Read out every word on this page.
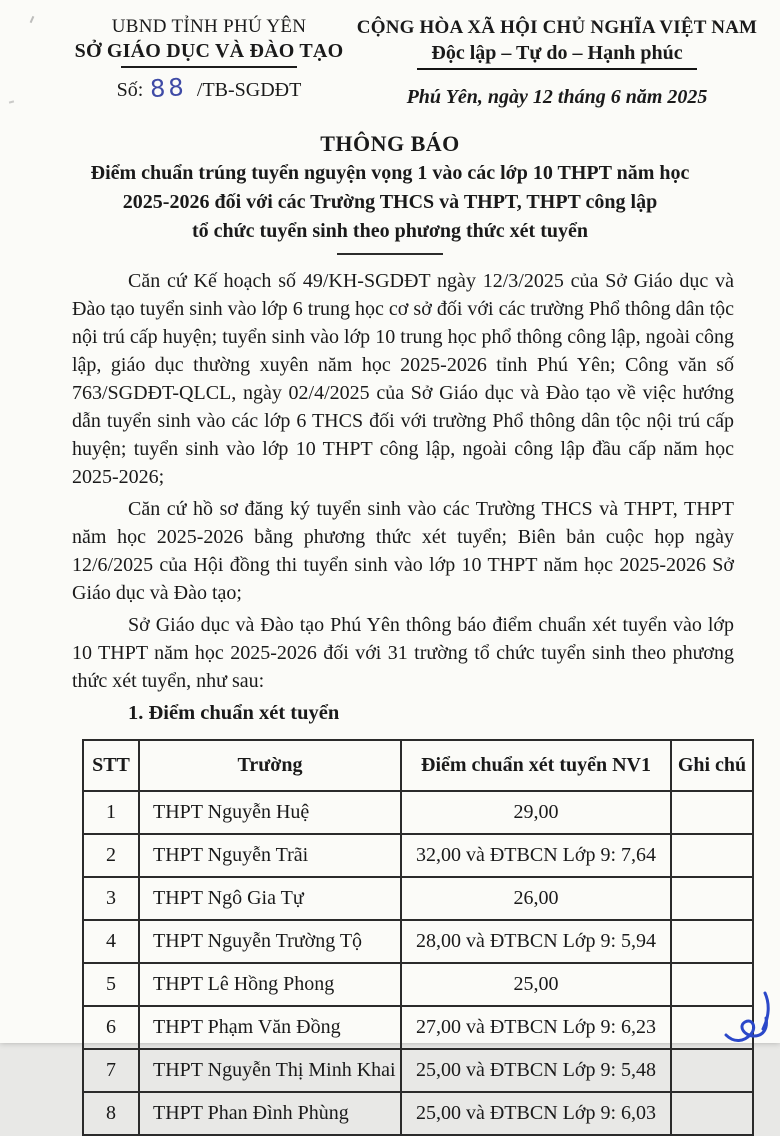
UBND TỈNH PHÚ YÊN
SỞ GIÁO DỤC VÀ ĐÀO TẠO
Số: 88 /TB-SGDĐT
CỘNG HÒA XÃ HỘI CHỦ NGHĨA VIỆT NAM
Độc lập – Tự do – Hạnh phúc
Phú Yên, ngày 12 tháng 6 năm 2025
THÔNG BÁO
Điểm chuẩn trúng tuyển nguyện vọng 1 vào các lớp 10 THPT năm học
2025-2026 đối với các Trường THCS và THPT, THPT công lập
tổ chức tuyển sinh theo phương thức xét tuyển

Căn cứ Kế hoạch số 49/KH-SGDĐT ngày 12/3/2025 của Sở Giáo dục và Đào tạo tuyển sinh vào lớp 6 trung học cơ sở đối với các trường Phổ thông dân tộc nội trú cấp huyện; tuyển sinh vào lớp 10 trung học phổ thông công lập, ngoài công lập, giáo dục thường xuyên năm học 2025-2026 tỉnh Phú Yên; Công văn số 763/SGDĐT-QLCL, ngày 02/4/2025 của Sở Giáo dục và Đào tạo về việc hướng dẫn tuyển sinh vào các lớp 6 THCS đối với trường Phổ thông dân tộc nội trú cấp huyện; tuyển sinh vào lớp 10 THPT công lập, ngoài công lập đầu cấp năm học 2025-2026;

Căn cứ hồ sơ đăng ký tuyển sinh vào các Trường THCS và THPT, THPT năm học 2025-2026 bằng phương thức xét tuyển; Biên bản cuộc họp ngày 12/6/2025 của Hội đồng thi tuyển sinh vào lớp 10 THPT năm học 2025-2026 Sở Giáo dục và Đào tạo;

Sở Giáo dục và Đào tạo Phú Yên thông báo điểm chuẩn xét tuyển vào lớp 10 THPT năm học 2025-2026 đối với 31 trường tổ chức tuyển sinh theo phương thức xét tuyển, như sau:

1. Điểm chuẩn xét tuyển
STT	Trường	Điểm chuẩn xét tuyển NV1	Ghi chú
1	THPT Nguyễn Huệ	29,00	
2	THPT Nguyễn Trãi	32,00 và ĐTBCN Lớp 9: 7,64	
3	THPT Ngô Gia Tự	26,00	
4	THPT Nguyễn Trường Tộ	28,00 và ĐTBCN Lớp 9: 5,94	
5	THPT Lê Hồng Phong	25,00	
6	THPT Phạm Văn Đồng	27,00 và ĐTBCN Lớp 9: 6,23	
7	THPT Nguyễn Thị Minh Khai	25,00 và ĐTBCN Lớp 9: 5,48	
8	THPT Phan Đình Phùng	25,00 và ĐTBCN Lớp 9: 6,03	
